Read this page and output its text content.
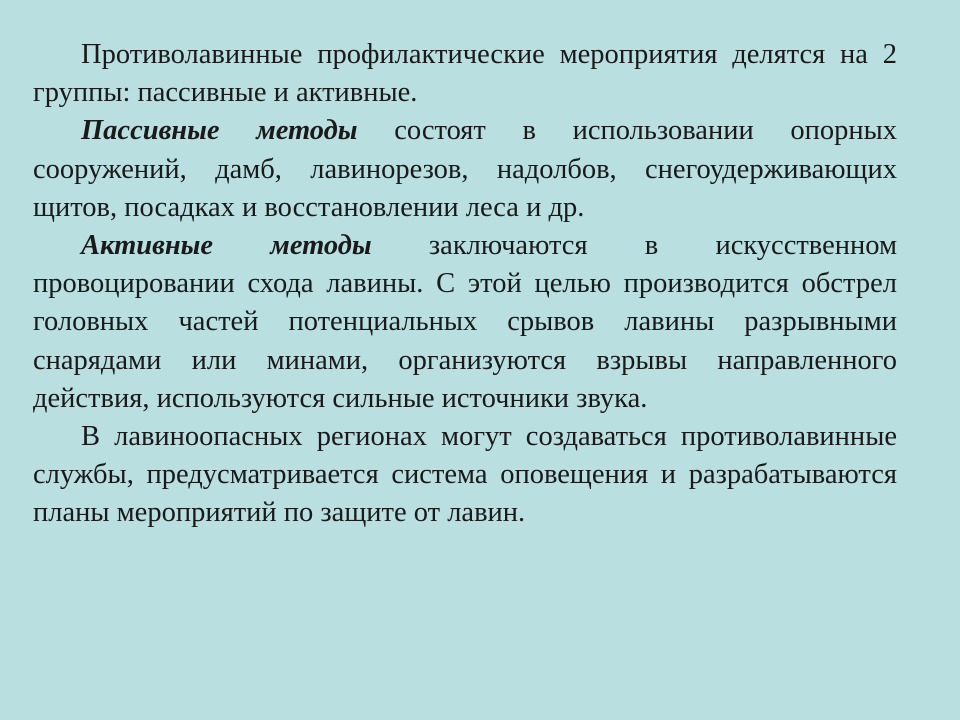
Противолавинные профилактические мероприятия делятся на 2 группы: пассивные и активные.

Пассивные методы состоят в использовании опорных сооружений, дамб, лавинорезов, надолбов, снегоудерживающих щитов, посадках и восстановлении леса и др.

Активные методы заключаются в искусственном провоцировании схода лавины. С этой целью производится обстрел головных частей потенциальных срывов лавины разрывными снарядами или минами, организуются взрывы направленного действия, используются сильные источники звука.

В лавиноопасных регионах могут создаваться противолавинные службы, предусматривается система оповещения и разрабатываются планы мероприятий по защите от лавин.
